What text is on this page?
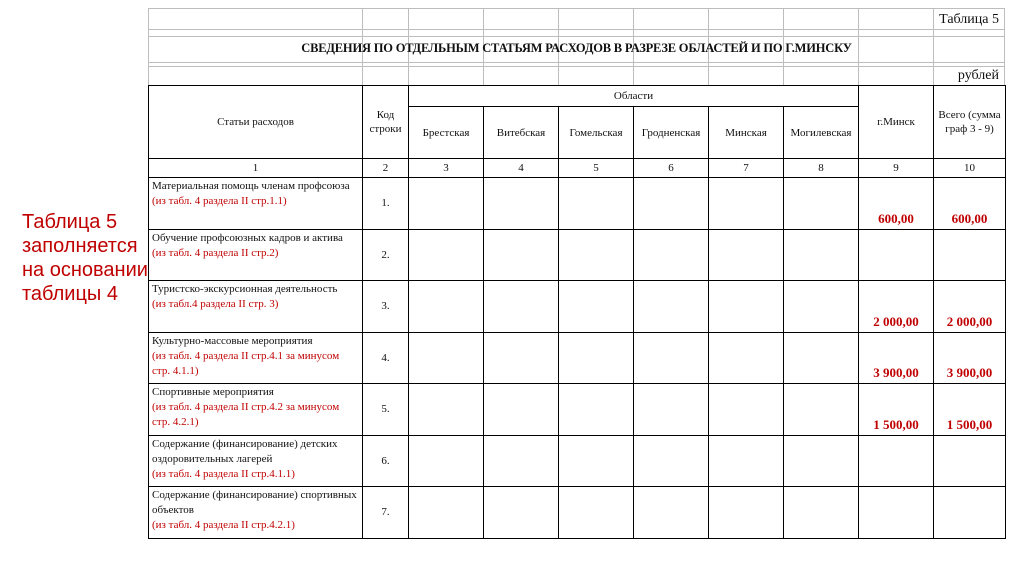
Таблица 5 заполняется на основании таблицы 4
Таблица 5
СВЕДЕНИЯ ПО ОТДЕЛЬНЫМ СТАТЬЯМ РАСХОДОВ В РАЗРЕЗЕ ОБЛАСТЕЙ И ПО Г.МИНСКУ
рублей
Статьи расходов	Код строки	Области						г.Минск	Всего (сумма граф 3 - 9)
		Брестская	Витебская	Гомельская	Гродненская	Минская	Могилевская		
1	2	3	4	5	6	7	8	9	10
Материальная помощь членам профсоюза
(из табл. 4 раздела II стр.1.1)	1.							600,00	600,00
Обучение профсоюзных кадров и актива
(из табл. 4 раздела II стр.2)	2.								
Туристско-экскурсионная деятельность
(из табл.4 раздела II стр. 3)	3.							2 000,00	2 000,00
Культурно-массовые мероприятия
(из табл. 4 раздела II стр.4.1 за минусом стр. 4.1.1)	4.							3 900,00	3 900,00
Спортивные мероприятия
(из табл. 4 раздела II стр.4.2 за минусом стр. 4.2.1)	5.							1 500,00	1 500,00
Содержание (финансирование) детских оздоровительных лагерей
(из табл. 4 раздела II стр.4.1.1)	6.								
Содержание (финансирование) спортивных объектов
(из табл. 4 раздела II стр.4.2.1)	7.								
